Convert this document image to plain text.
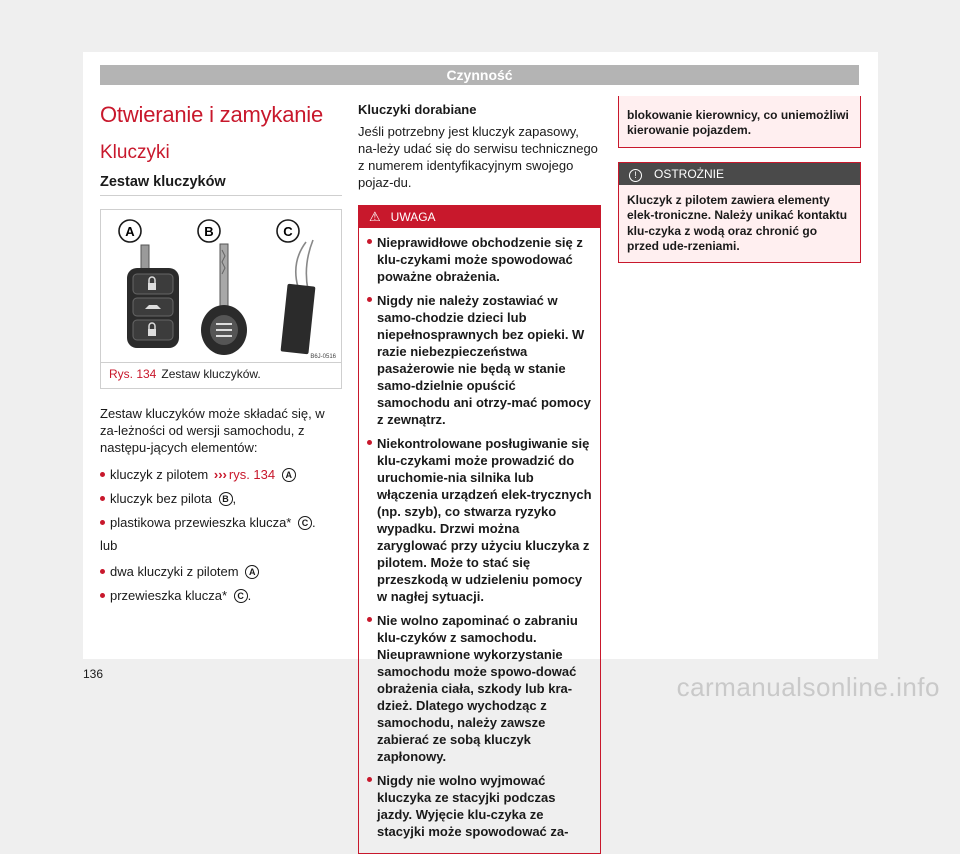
Czynność
Otwieranie i zamykanie
Kluczyki
Zestaw kluczyków
A	B	C
B6J-0516
Rys. 134 Zestaw kluczyków.

Zestaw kluczyków może składać się, w za-leżności od wersji samochodu, z następu-jących elementów:

kluczyk z pilotem ››› rys. 134 A
kluczyk bez pilota B ,
plastikowa przewieszka klucza* C .

lub

dwa kluczyki z pilotem A
przewieszka klucza* C .
136

Kluczyki dorabiane

Jeśli potrzebny jest kluczyk zapasowy, na-leży udać się do serwisu technicznego z numerem identyfikacyjnym swojego pojaz-du.

⚠ UWAGA
Nieprawidłowe obchodzenie się z klu-czykami może spowodować poważne obrażenia.
Nigdy nie należy zostawiać w samo-chodzie dzieci lub niepełnosprawnych bez opieki. W razie niebezpieczeństwa pasażerowie nie będą w stanie samo-dzielnie opuścić samochodu ani otrzy-mać pomocy z zewnątrz.
Niekontrolowane posługiwanie się klu-czykami może prowadzić do uruchomie-nia silnika lub włączenia urządzeń elek-trycznych (np. szyb), co stwarza ryzyko wypadku. Drzwi można zaryglować przy użyciu kluczyka z pilotem. Może to stać się przeszkodą w udzieleniu pomocy w nagłej sytuacji.
Nie wolno zapominać o zabraniu klu-czyków z samochodu. Nieuprawnione wykorzystanie samochodu może spowo-dować obrażenia ciała, szkody lub kra-dzież. Dlatego wychodząc z samochodu, należy zawsze zabierać ze sobą kluczyk zapłonowy.
Nigdy nie wolno wyjmować kluczyka ze stacyjki podczas jazdy. Wyjęcie klu-czyka ze stacyjki może spowodować za-
blokowanie kierownicy, co uniemożliwi kierowanie pojazdem.
! OSTROŻNIE
Kluczyk z pilotem zawiera elementy elek-troniczne. Należy unikać kontaktu klu-czyka z wodą oraz chronić go przed ude-rzeniami.
carmanualsonline.info
